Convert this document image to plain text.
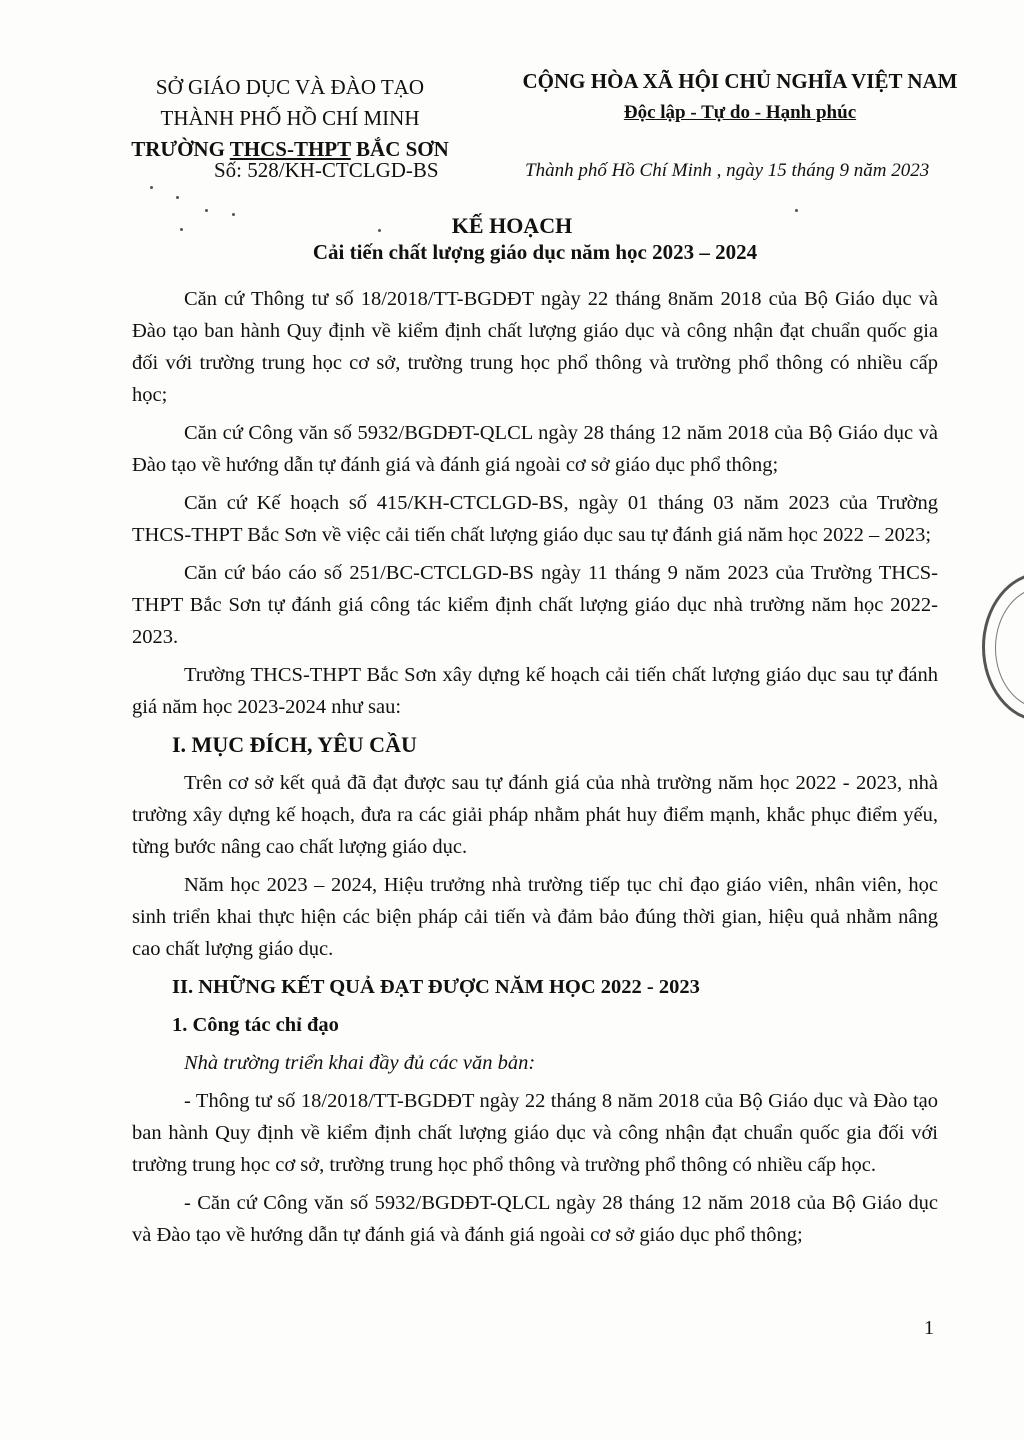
SỞ GIÁO DỤC VÀ ĐÀO TẠO
THÀNH PHỐ HỒ CHÍ MINH
TRƯỜNG THCS-THPT BẮC SƠN
Số: 528/KH-CTCLGD-BS
CỘNG HÒA XÃ HỘI CHỦ NGHĨA VIỆT NAM
Độc lập - Tự do - Hạnh phúc
Thành phố Hồ Chí Minh , ngày 15 tháng 9 năm 2023
KẾ HOẠCH
Cải tiến chất lượng giáo dục năm học 2023 – 2024

Căn cứ Thông tư số 18/2018/TT-BGDĐT ngày 22 tháng 8năm 2018 của Bộ Giáo dục và Đào tạo ban hành Quy định về kiểm định chất lượng giáo dục và công nhận đạt chuẩn quốc gia đối với trường trung học cơ sở, trường trung học phổ thông và trường phổ thông có nhiều cấp học;

Căn cứ Công văn số 5932/BGDĐT-QLCL ngày 28 tháng 12 năm 2018 của Bộ Giáo dục và Đào tạo về hướng dẫn tự đánh giá và đánh giá ngoài cơ sở giáo dục phổ thông;

Căn cứ Kế hoạch số 415/KH-CTCLGD-BS, ngày 01 tháng 03 năm 2023 của Trường THCS-THPT Bắc Sơn về việc cải tiến chất lượng giáo dục sau tự đánh giá năm học 2022 – 2023;

Căn cứ báo cáo số 251/BC-CTCLGD-BS ngày 11 tháng 9 năm 2023 của Trường THCS-THPT Bắc Sơn tự đánh giá công tác kiểm định chất lượng giáo dục nhà trường năm học 2022-2023.

Trường THCS-THPT Bắc Sơn xây dựng kế hoạch cải tiến chất lượng giáo dục sau tự đánh giá năm học 2023-2024 như sau:

I. MỤC ĐÍCH, YÊU CẦU

Trên cơ sở kết quả đã đạt được sau tự đánh giá của nhà trường năm học 2022 - 2023, nhà trường xây dựng kế hoạch, đưa ra các giải pháp nhằm phát huy điểm mạnh, khắc phục điểm yếu, từng bước nâng cao chất lượng giáo dục.

Năm học 2023 – 2024, Hiệu trưởng nhà trường tiếp tục chỉ đạo giáo viên, nhân viên, học sinh triển khai thực hiện các biện pháp cải tiến và đảm bảo đúng thời gian, hiệu quả nhằm nâng cao chất lượng giáo dục.

II. NHỮNG KẾT QUẢ ĐẠT ĐƯỢC NĂM HỌC 2022 - 2023

1. Công tác chỉ đạo

Nhà trường triển khai đầy đủ các văn bản:

- Thông tư số 18/2018/TT-BGDĐT ngày 22 tháng 8 năm 2018 của Bộ Giáo dục và Đào tạo ban hành Quy định về kiểm định chất lượng giáo dục và công nhận đạt chuẩn quốc gia đối với trường trung học cơ sở, trường trung học phổ thông và trường phổ thông có nhiều cấp học.

- Căn cứ Công văn số 5932/BGDĐT-QLCL ngày 28 tháng 12 năm 2018 của Bộ Giáo dục và Đào tạo về hướng dẫn tự đánh giá và đánh giá ngoài cơ sở giáo dục phổ thông;

1
